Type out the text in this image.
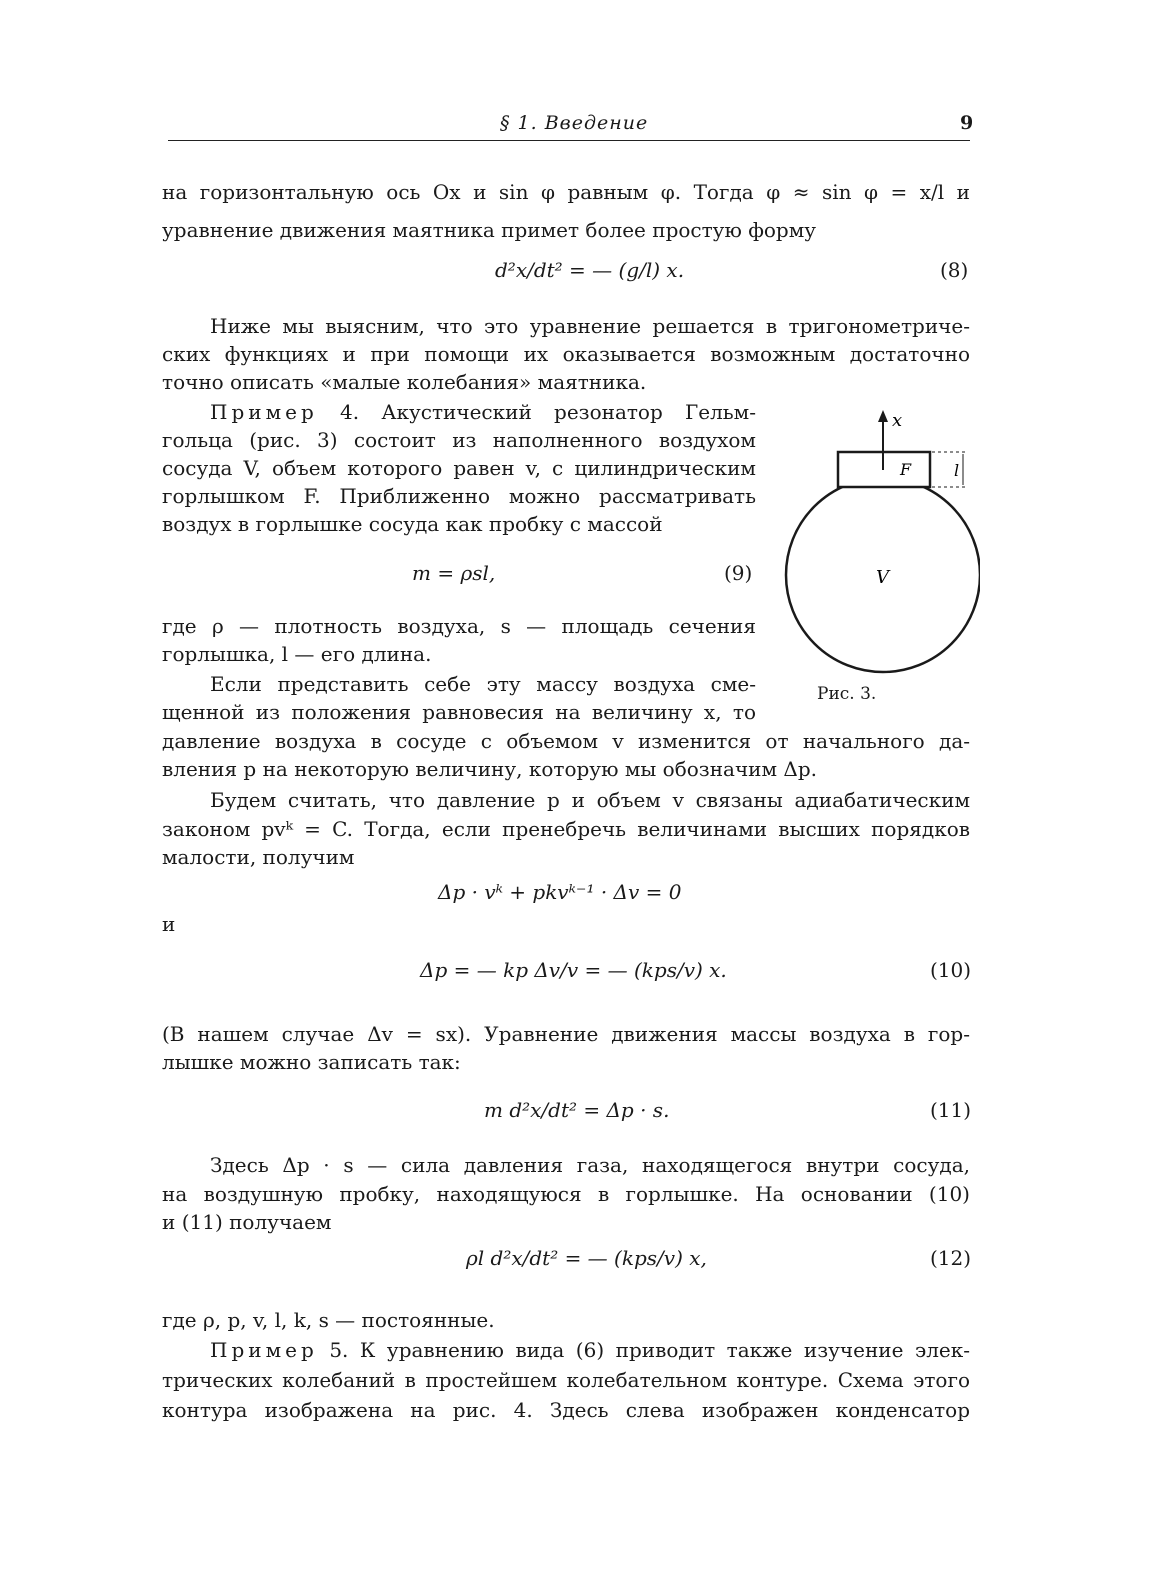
§ 1. Введение	9
на горизонтальную ось Ox и sin φ равным φ. Тогда φ ≈ sin φ = x/l и
уравнение движения маятника примет более простую форму
d²x/dt² = — (g/l) x.	(8)
Ниже мы выясним, что это уравнение решается в тригонометриче-
ских функциях и при помощи их оказывается возможным достаточно
точно описать «малые колебания» маятника.
Пример 4. Акустический резонатор Гельм-
гольца (рис. 3) состоит из наполненного воздухом
сосуда V, объем которого равен v, с цилиндрическим
горлышком F. Приближенно можно рассматривать
воздух в горлышке сосуда как пробку с массой
m = ρsl,	(9)
где ρ — плотность воздуха, s — площадь сечения
горлышка, l — его длина.
Если представить себе эту массу воздуха сме-
щенной из положения равновесия на величину x, то
давление воздуха в сосуде с объемом v изменится от начального да-
вления p на некоторую величину, которую мы обозначим Δp.
Будем считать, что давление p и объем v связаны адиабатическим
законом pvᵏ = C. Тогда, если пренебречь величинами высших порядков
малости, получим
Δp · vᵏ + pkvᵏ⁻¹ · Δv = 0
и
Δp = — kp Δv/v = — (kps/v) x.	(10)
(В нашем случае Δv = sx). Уравнение движения массы воздуха в гор-
лышке можно записать так:
m d²x/dt² = Δp · s.	(11)
Здесь Δp · s — сила давления газа, находящегося внутри сосуда,
на воздушную пробку, находящуюся в горлышке. На основании (10)
и (11) получаем
ρl d²x/dt² = — (kps/v) x,	(12)
где ρ, p, v, l, k, s — постоянные.
Пример 5. К уравнению вида (6) приводит также изучение элек-
трических колебаний в простейшем колебательном контуре. Схема этого
контура изображена на рис. 4. Здесь слева изображен конденсатор
x
F	l
V
Рис. 3.
